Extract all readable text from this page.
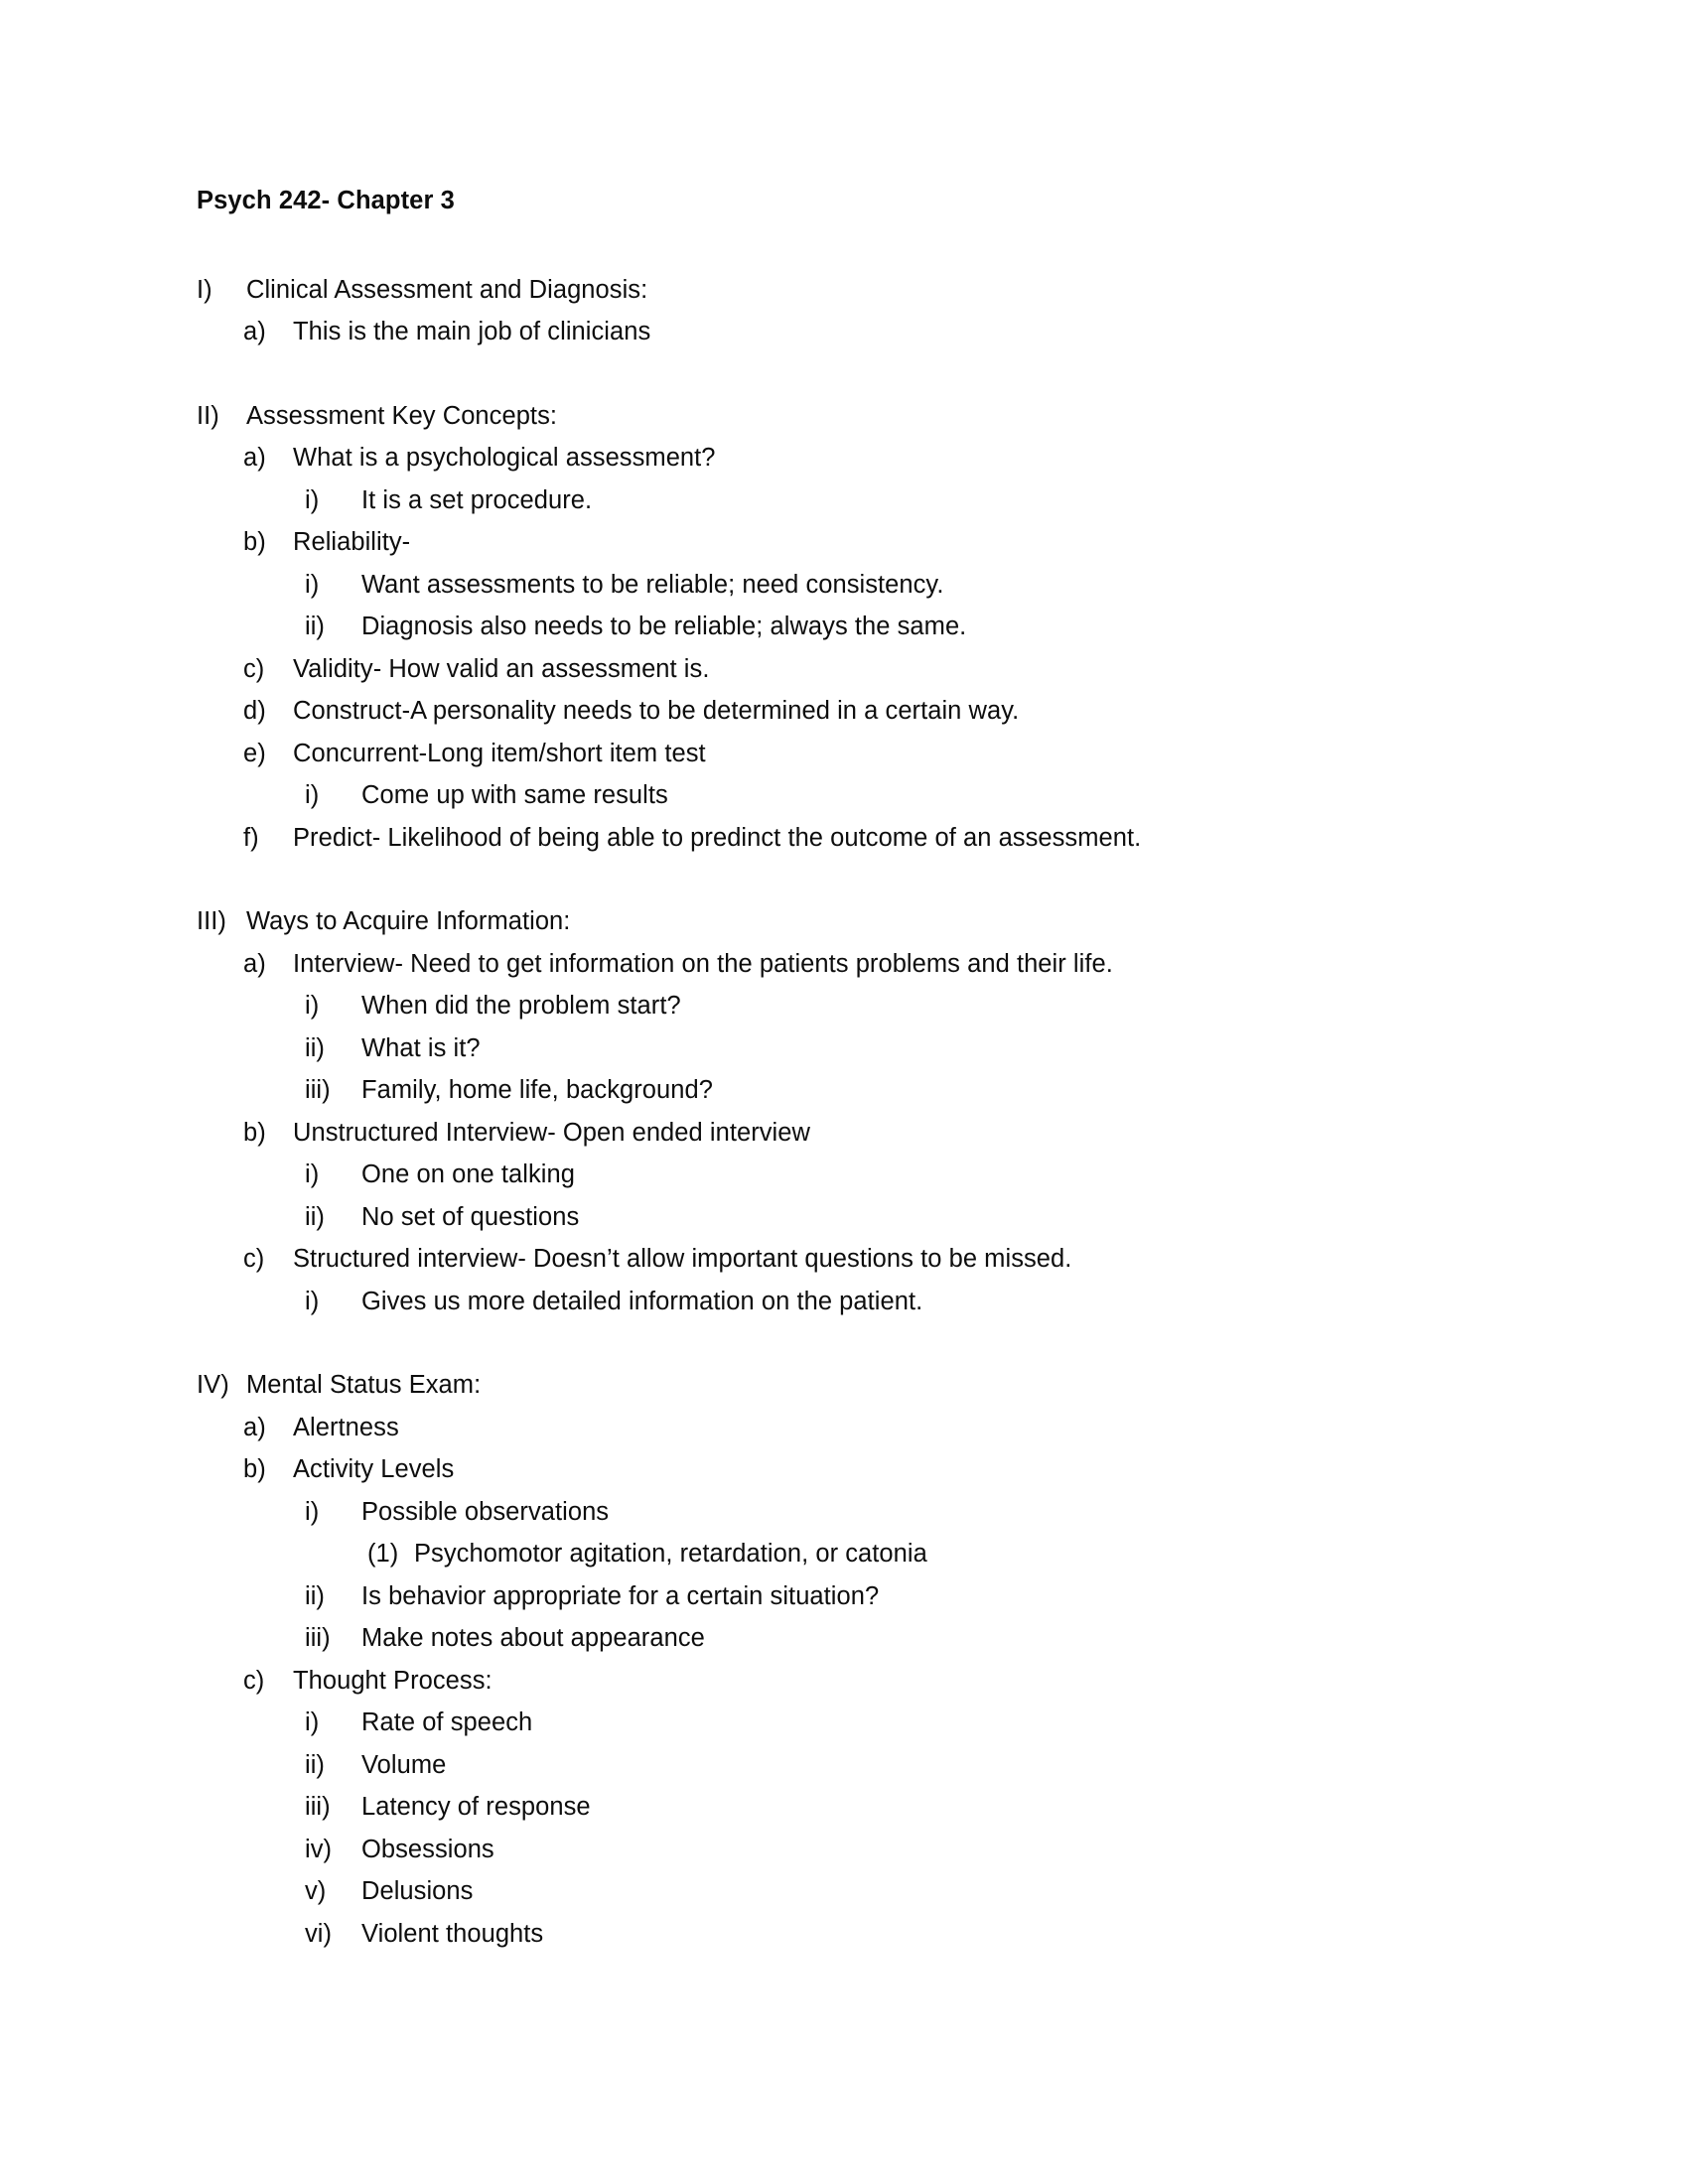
Psych 242- Chapter 3
I)	Clinical Assessment and Diagnosis:
a)	This is the main job of clinicians
II)	Assessment Key Concepts:
a)	What is a psychological assessment?
i)	It is a set procedure.
b)	Reliability-
i)	Want assessments to be reliable; need consistency.
ii)	Diagnosis also needs to be reliable; always the same.
c)	Validity- How valid an assessment is.
d)	Construct-A personality needs to be determined in a certain way.
e)	Concurrent-Long item/short item test
i)	Come up with same results
f)	Predict- Likelihood of being able to predinct the outcome of an assessment.
III) Ways to Acquire Information:
a)	Interview- Need to get information on the patients problems and their life.
i)	When did the problem start?
ii)	What is it?
iii)	Family, home life, background?
b)	Unstructured Interview- Open ended interview
i)	One on one talking
ii)	No set of questions
c)	Structured interview- Doesn’t allow important questions to be missed.
i)	Gives us more detailed information on the patient.
IV) Mental Status Exam:
a)	Alertness
b)	Activity Levels
i)	Possible observations
(1) Psychomotor agitation, retardation, or catonia
ii)	Is behavior appropriate for a certain situation?
iii)	Make notes about appearance
c)	Thought Process:
i)	Rate of speech
ii)	Volume
iii)	Latency of response
iv)	Obsessions
v)	Delusions
vi)	Violent thoughts
